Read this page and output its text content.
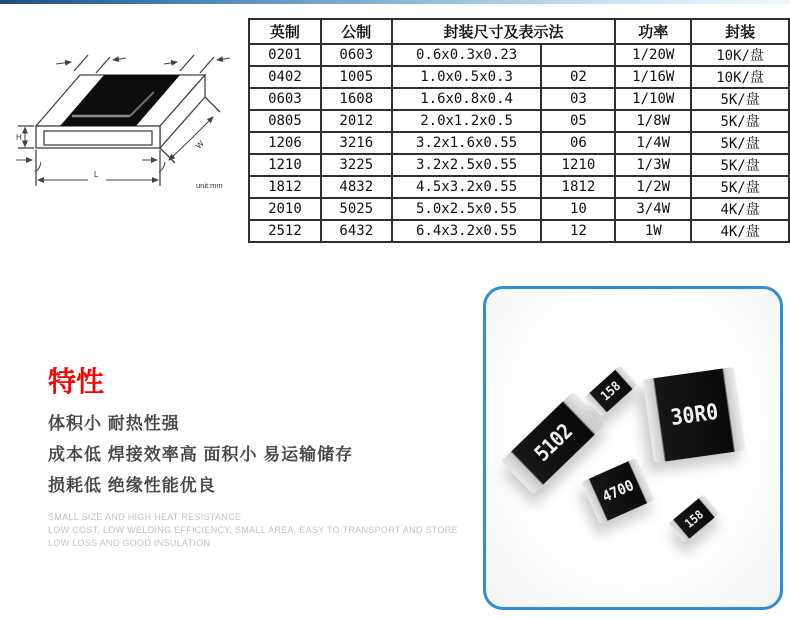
H
L
W
unit:mm
英制	公制	封装尺寸及表示法		功率	封装
0201	0603	0.6x0.3x0.23		1/20W	10K/盘
0402	1005	1.0x0.5x0.3	02	1/16W	10K/盘
0603	1608	1.6x0.8x0.4	03	1/10W	5K/盘
0805	2012	2.0x1.2x0.5	05	1/8W	5K/盘
1206	3216	3.2x1.6x0.55	06	1/4W	5K/盘
1210	3225	3.2x2.5x0.55	1210	1/3W	5K/盘
1812	4832	4.5x3.2x0.55	1812	1/2W	5K/盘
2010	5025	5.0x2.5x0.55	10	3/4W	4K/盘
2512	6432	6.4x3.2x0.55	12	1W	4K/盘
特性
体积小 耐热性强
成本低 焊接效率高 面积小 易运输储存
损耗低 绝缘性能优良
SMALL SIZE AND HIGH HEAT RESISTANCE
LOW COST, LOW WELDING EFFICIENCY, SMALL AREA, EASY TO TRANSPORT AND STORE
LOW LOSS AND GOOD INSULATION
5102
158
30R0
4700
158
